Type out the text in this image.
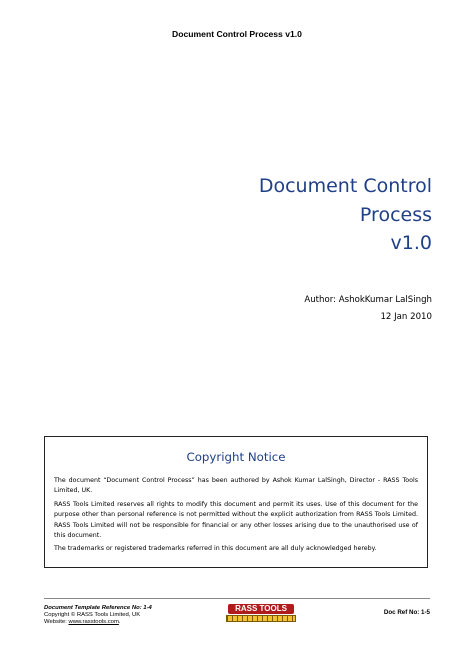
Document Control Process v1.0
Document Control
Process
v1.0
Author: AshokKumar LalSingh
12 Jan 2010
Copyright Notice

The document “Document Control Process” has been authored by Ashok Kumar LalSingh, Director - RASS Tools Limited, UK.

RASS Tools Limited reserves all rights to modify this document and permit its uses. Use of this document for the purpose other than personal reference is not permitted without the explicit authorization from RASS Tools Limited. RASS Tools Limited will not be responsible for financial or any other losses arising due to the unauthorised use of this document.

The trademarks or registered trademarks referred in this document are all duly acknowledged hereby.

Document Template Reference No: 1-4
Copyright © RASS Tools Limited, UK
Website: www.rasstools.com.
RASS TOOLS	Doc Ref No: 1-5
